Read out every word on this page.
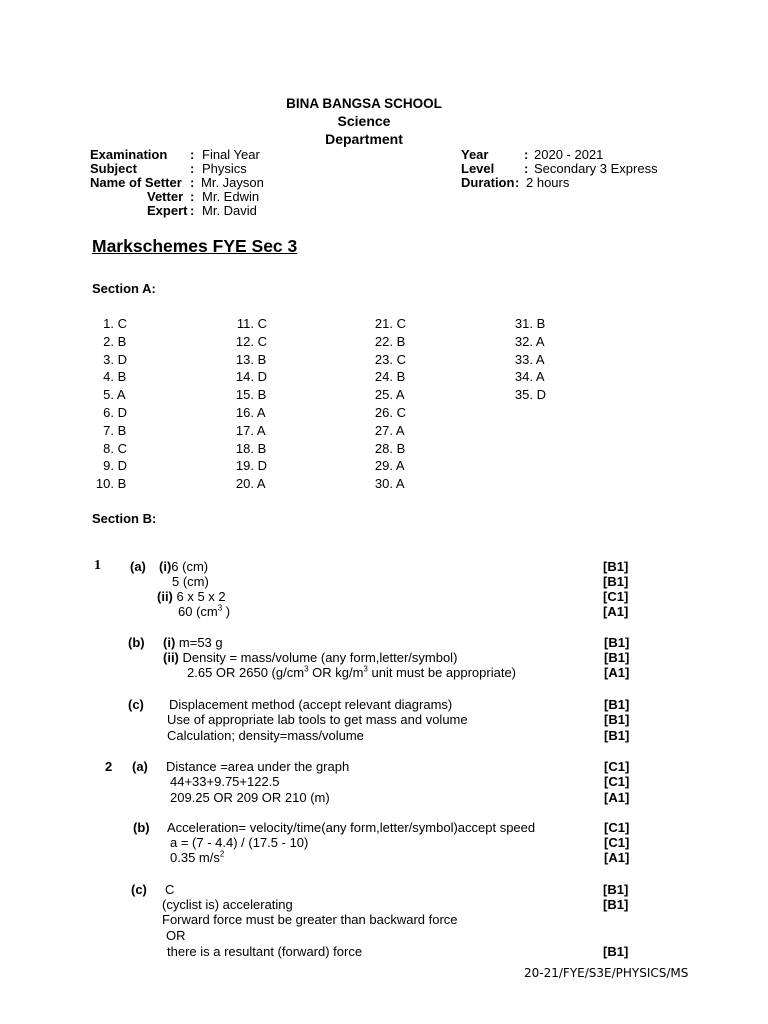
BINA BANGSA SCHOOL
Science
Department
Examination : Final Year
Subject	: Physics
Name of Setter : Mr. Jayson
Vetter : Mr. Edwin
Expert : Mr. David
Year	: 2020 - 2021
Level : Secondary 3 Express
Duration : 2 hours
Markschemes FYE Sec 3
Section A:
1. C
2. B
3. D
4. B
5. A
6. D
7. B
8. C
9. D
10. B
11. C
12. C
13. B
14. D
15. B
16. A
17. A
18. B
19. D
20. A
21. C
22. B
23. C
24. B
25. A
26. C
27. A
28. B
29. A
30. A
31. B
32. A
33. A
34. A
35. D
Section B:
1 (a) (i)6 (cm)
5 (cm)
(ii) 6 x 5 x 2
60 ($cm^3$ )
[B1]
[B1]
[C1]
[A1]
(b) (i) m=53 g
(ii) Density = mass/volume (any form,letter/symbol)
2.65 OR 2650 ($g/cm^3$ OR $kg/m^3$ unit must be appropriate)
[B1]
[B1]
[A1]
(c) Displacement method (accept relevant diagrams)
Use of appropriate lab tools to get mass and volume
Calculation; density=mass/volume
[B1]
[B1]
[B1]
2 (a) Distance =area under the graph
44+33+9.75+122.5
209.25 OR 209 OR 210 (m)
[C1]
[C1]
[A1]
(b) Acceleration= velocity/time(any form,letter/symbol)accept speed
a = (7 - 4.4) / (17.5 - 10)
0.35 $m/s^2$
[C1]
[C1]
[A1]
(c) C
(cyclist is) accelerating
Forward force must be greater than backward force
OR
there is a resultant (forward) force
[B1]
[B1]
[B1]
20-21/FYE/S3E/PHYSICS/MS
